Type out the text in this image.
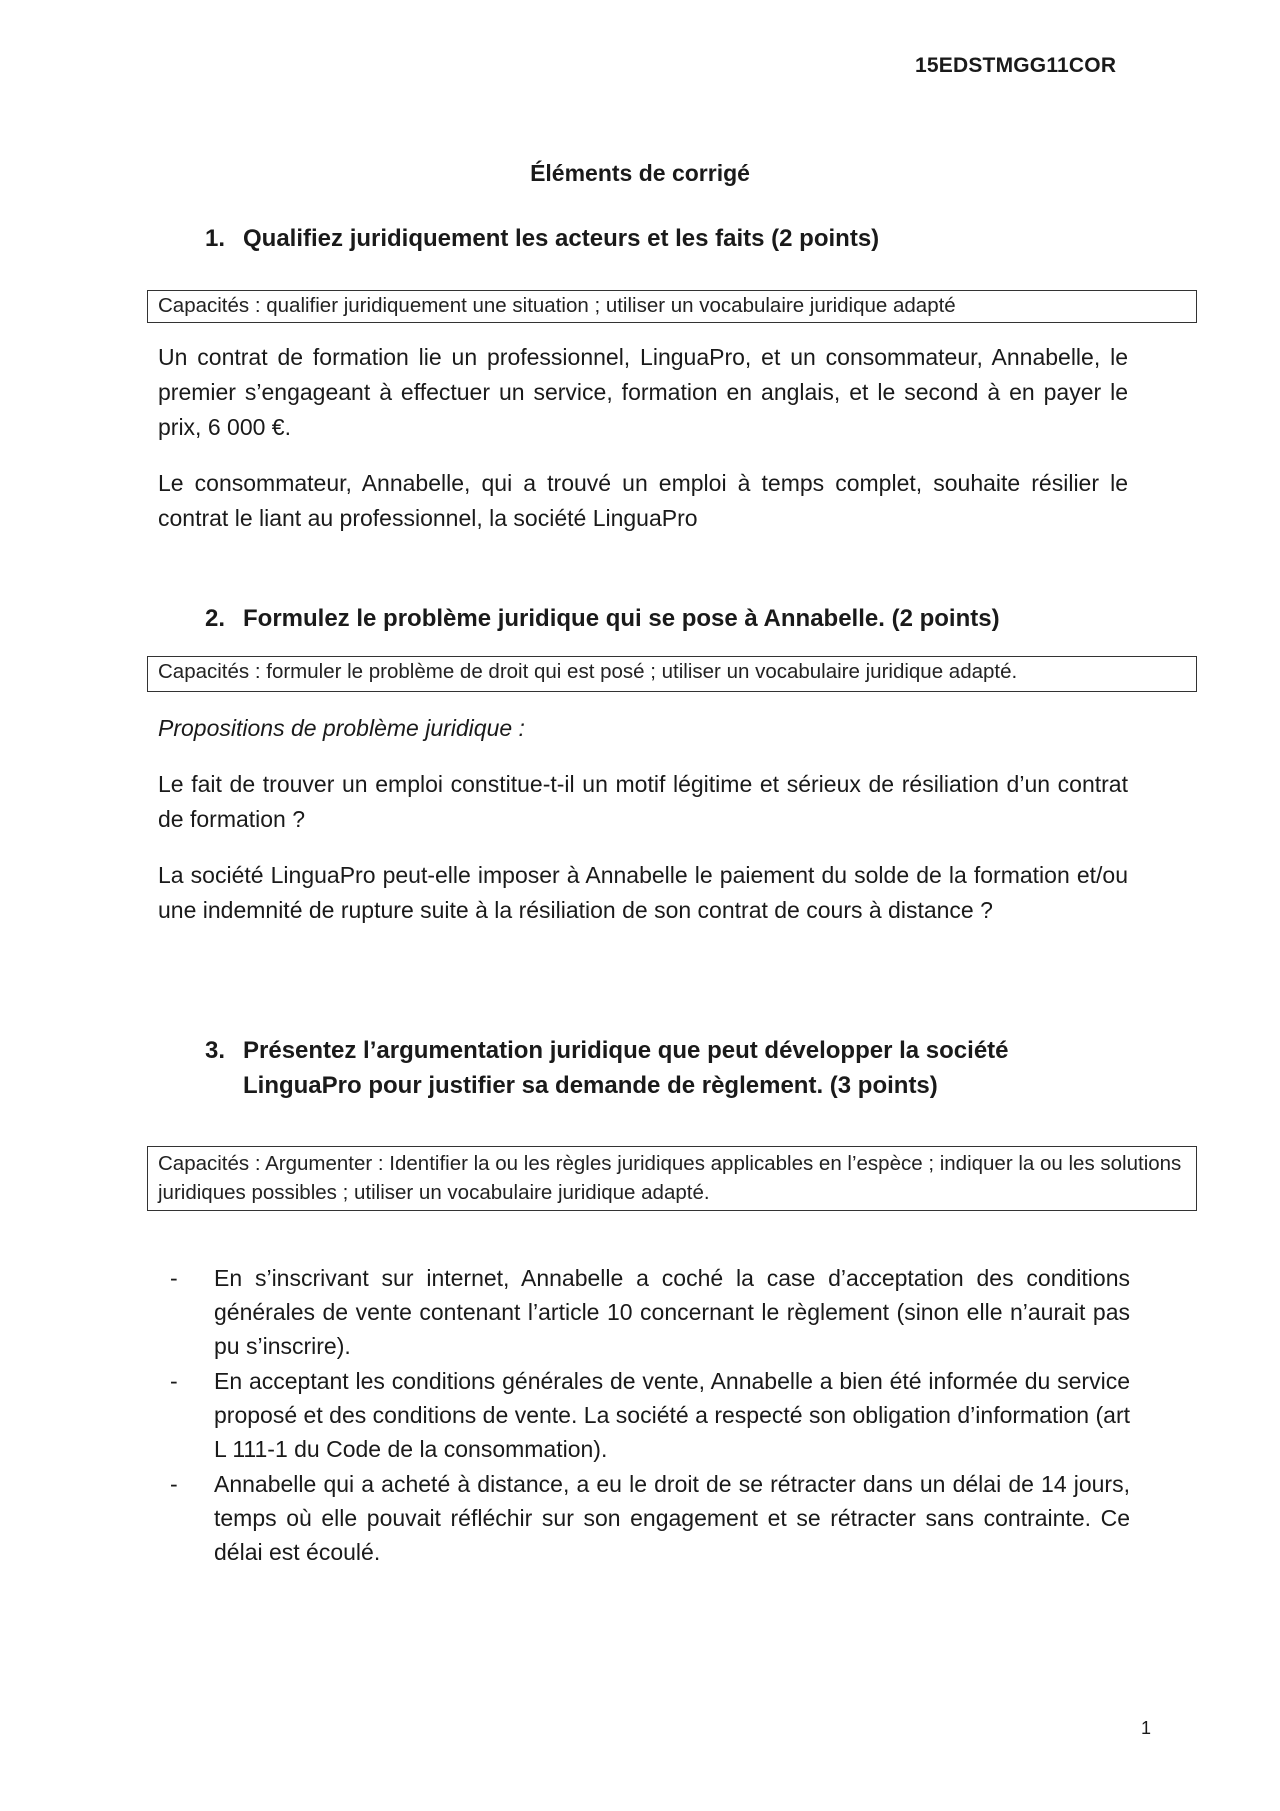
15EDSTMGG11COR
Éléments de corrigé
1. Qualifiez juridiquement les acteurs et les faits (2 points)
Capacités : qualifier juridiquement une situation ; utiliser un vocabulaire juridique adapté
Un contrat de formation lie un professionnel, LinguaPro, et un consommateur, Annabelle, le premier s’engageant à effectuer un service, formation en anglais, et le second à en payer le prix, 6 000 €.
Le consommateur, Annabelle, qui a trouvé un emploi à temps complet, souhaite résilier le contrat le liant au professionnel, la société LinguaPro
2. Formulez le problème juridique qui se pose à Annabelle. (2 points)
Capacités : formuler le problème de droit qui est posé ; utiliser un vocabulaire juridique adapté.
Propositions de problème juridique :
Le fait de trouver un emploi constitue-t-il un motif légitime et sérieux de résiliation d’un contrat de formation ?
La société LinguaPro peut-elle imposer à Annabelle le paiement du solde de la formation et/ou une indemnité de rupture suite à la résiliation de son contrat de cours à distance ?
3. Présentez l’argumentation juridique que peut développer la société LinguaPro pour justifier sa demande de règlement. (3 points)
Capacités : Argumenter : Identifier la ou les règles juridiques applicables en l’espèce ; indiquer la ou les solutions juridiques possibles ; utiliser un vocabulaire juridique adapté.
- En s’inscrivant sur internet, Annabelle a coché la case d’acceptation des conditions générales de vente contenant l’article 10 concernant le règlement (sinon elle n’aurait pas pu s’inscrire).
- En acceptant les conditions générales de vente, Annabelle a bien été informée du service proposé et des conditions de vente. La société a respecté son obligation d’information (art L 111-1 du Code de la consommation).
- Annabelle qui a acheté à distance, a eu le droit de se rétracter dans un délai de 14 jours, temps où elle pouvait réfléchir sur son engagement et se rétracter sans contrainte. Ce délai est écoulé.
1
